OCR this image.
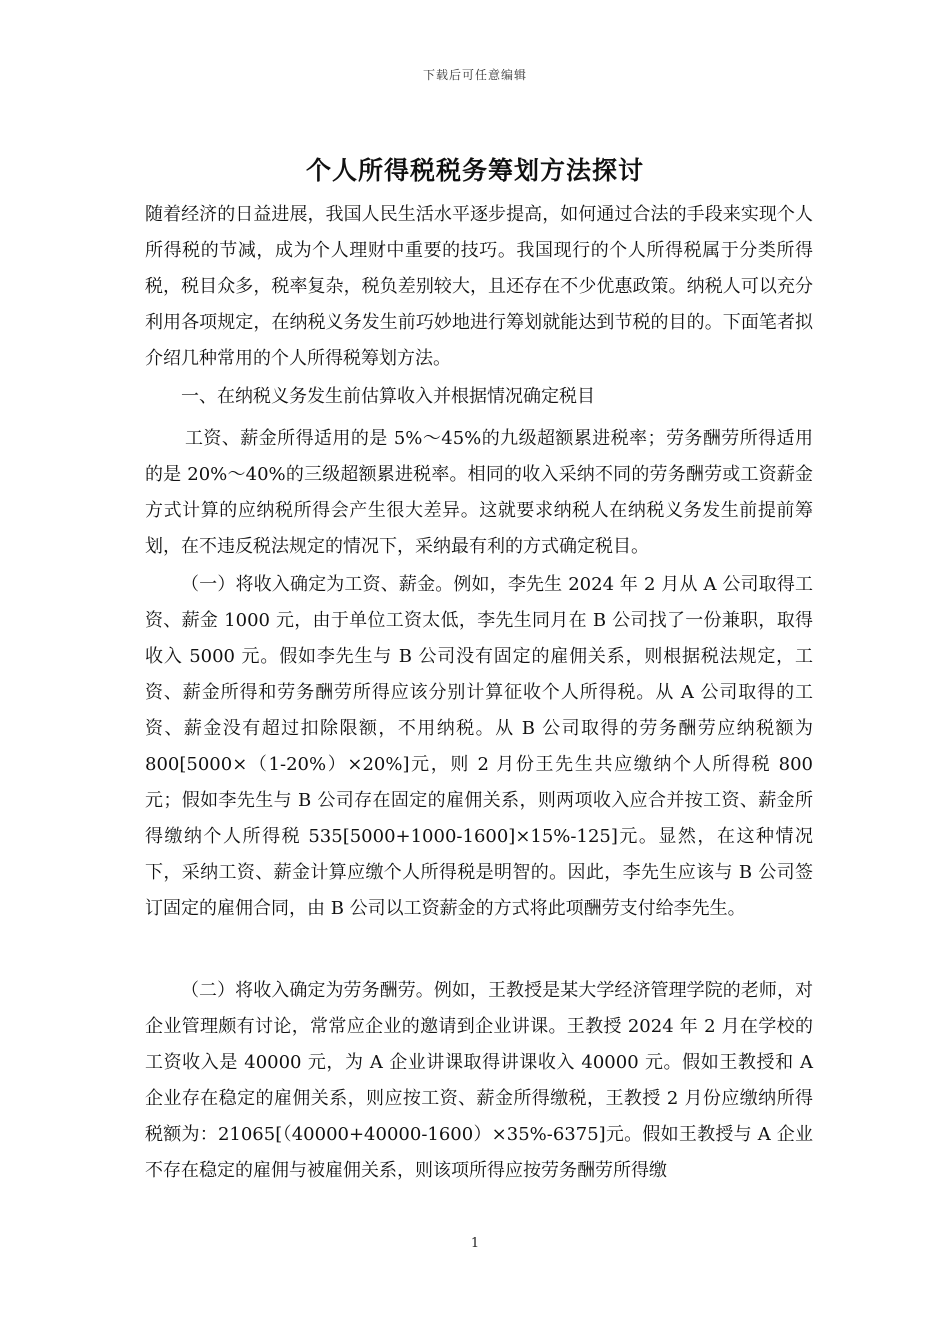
下载后可任意编辑
个人所得税税务筹划方法探讨

随着经济的日益进展，我国人民生活水平逐步提高，如何通过合法的手段来实现个人所得税的节减，成为个人理财中重要的技巧。我国现行的个人所得税属于分类所得税，税目众多，税率复杂，税负差别较大，且还存在不少优惠政策。纳税人可以充分利用各项规定，在纳税义务发生前巧妙地进行筹划就能达到节税的目的。下面笔者拟介绍几种常用的个人所得税筹划方法。

一、在纳税义务发生前估算收入并根据情况确定税目

工资、薪金所得适用的是 5%～45%的九级超额累进税率；劳务酬劳所得适用的是 20%～40%的三级超额累进税率。相同的收入采纳不同的劳务酬劳或工资薪金方式计算的应纳税所得会产生很大差异。这就要求纳税人在纳税义务发生前提前筹划，在不违反税法规定的情况下，采纳最有利的方式确定税目。

（一）将收入确定为工资、薪金。例如，李先生 2024 年 2 月从 A 公司取得工资、薪金 1000 元，由于单位工资太低，李先生同月在 B 公司找了一份兼职，取得收入 5000 元。假如李先生与 B 公司没有固定的雇佣关系，则根据税法规定，工资、薪金所得和劳务酬劳所得应该分别计算征收个人所得税。从 A 公司取得的工资、薪金没有超过扣除限额，不用纳税。从 B 公司取得的劳务酬劳应纳税额为 800[5000×（1-20%）×20%]元，则 2 月份王先生共应缴纳个人所得税 800 元；假如李先生与 B 公司存在固定的雇佣关系，则两项收入应合并按工资、薪金所得缴纳个人所得税 535[5000+1000-1600]×15%-125]元。显然，在这种情况下，采纳工资、薪金计算应缴个人所得税是明智的。因此，李先生应该与 B 公司签订固定的雇佣合同，由 B 公司以工资薪金的方式将此项酬劳支付给李先生。

（二）将收入确定为劳务酬劳。例如，王教授是某大学经济管理学院的老师，对企业管理颇有讨论，常常应企业的邀请到企业讲课。王教授 2024 年 2 月在学校的工资收入是 40000 元，为 A 企业讲课取得讲课收入 40000 元。假如王教授和 A 企业存在稳定的雇佣关系，则应按工资、薪金所得缴税，王教授 2 月份应缴纳所得税额为：21065[（40000+40000-1600）×35%-6375]元。假如王教授与 A 企业不存在稳定的雇佣与被雇佣关系，则该项所得应按劳务酬劳所得缴

1
